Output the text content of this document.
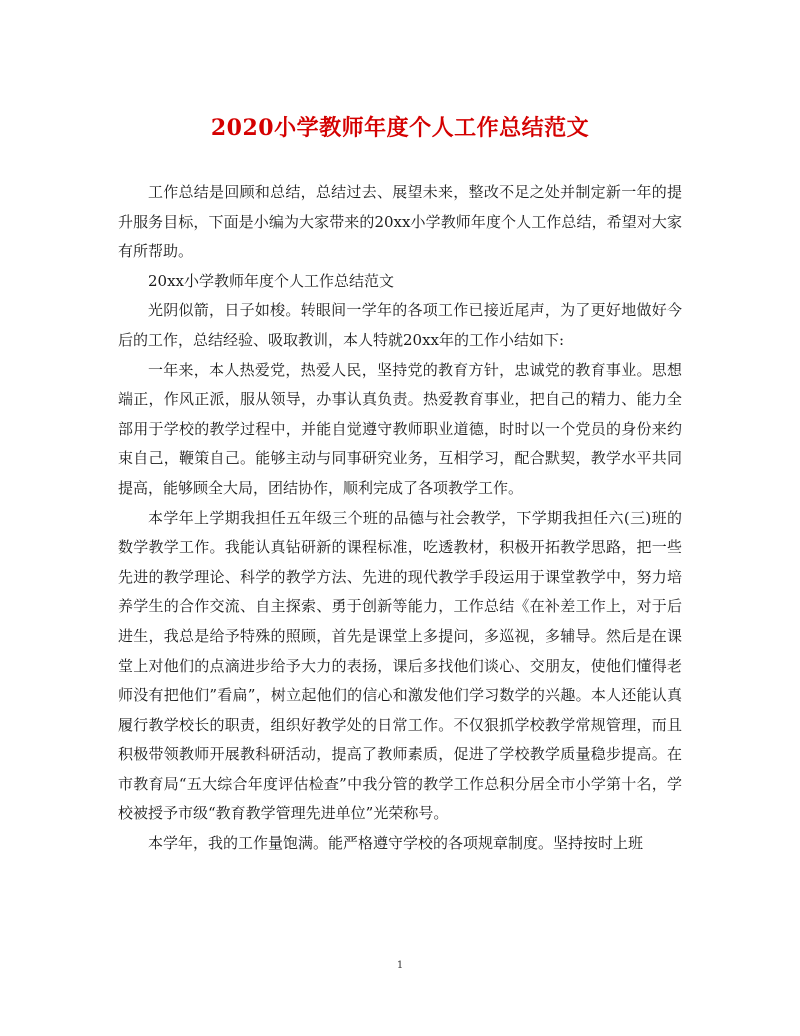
2020小学教师年度个人工作总结范文

工作总结是回顾和总结，总结过去、展望未来，整改不足之处并制定新一年的提升服务目标，下面是小编为大家带来的20xx小学教师年度个人工作总结，希望对大家有所帮助。

20xx小学教师年度个人工作总结范文

光阴似箭，日子如梭。转眼间一学年的各项工作已接近尾声，为了更好地做好今后的工作，总结经验、吸取教训，本人特就20xx年的工作小结如下:

一年来，本人热爱党，热爱人民，坚持党的教育方针，忠诚党的教育事业。思想端正，作风正派，服从领导，办事认真负责。热爱教育事业，把自己的精力、能力全部用于学校的教学过程中，并能自觉遵守教师职业道德，时时以一个党员的身份来约束自己，鞭策自己。能够主动与同事研究业务，互相学习，配合默契，教学水平共同提高，能够顾全大局，团结协作，顺利完成了各项教学工作。

本学年上学期我担任五年级三个班的品德与社会教学，下学期我担任六(三)班的数学教学工作。我能认真钻研新的课程标准，吃透教材，积极开拓教学思路，把一些先进的教学理论、科学的教学方法、先进的现代教学手段运用于课堂教学中，努力培养学生的合作交流、自主探索、勇于创新等能力，工作总结《在补差工作上，对于后进生，我总是给予特殊的照顾，首先是课堂上多提问，多巡视，多辅导。然后是在课堂上对他们的点滴进步给予大力的表扬，课后多找他们谈心、交朋友，使他们懂得老师没有把他们”看扁”，树立起他们的信心和激发他们学习数学的兴趣。本人还能认真履行教学校长的职责，组织好教学处的日常工作。不仅狠抓学校教学常规管理，而且积极带领教师开展教科研活动，提高了教师素质，促进了学校教学质量稳步提高。在市教育局“五大综合年度评估检查”中我分管的教学工作总积分居全市小学第十名，学校被授予市级“教育教学管理先进单位”光荣称号。

本学年，我的工作量饱满。能严格遵守学校的各项规章制度。坚持按时上班

1
